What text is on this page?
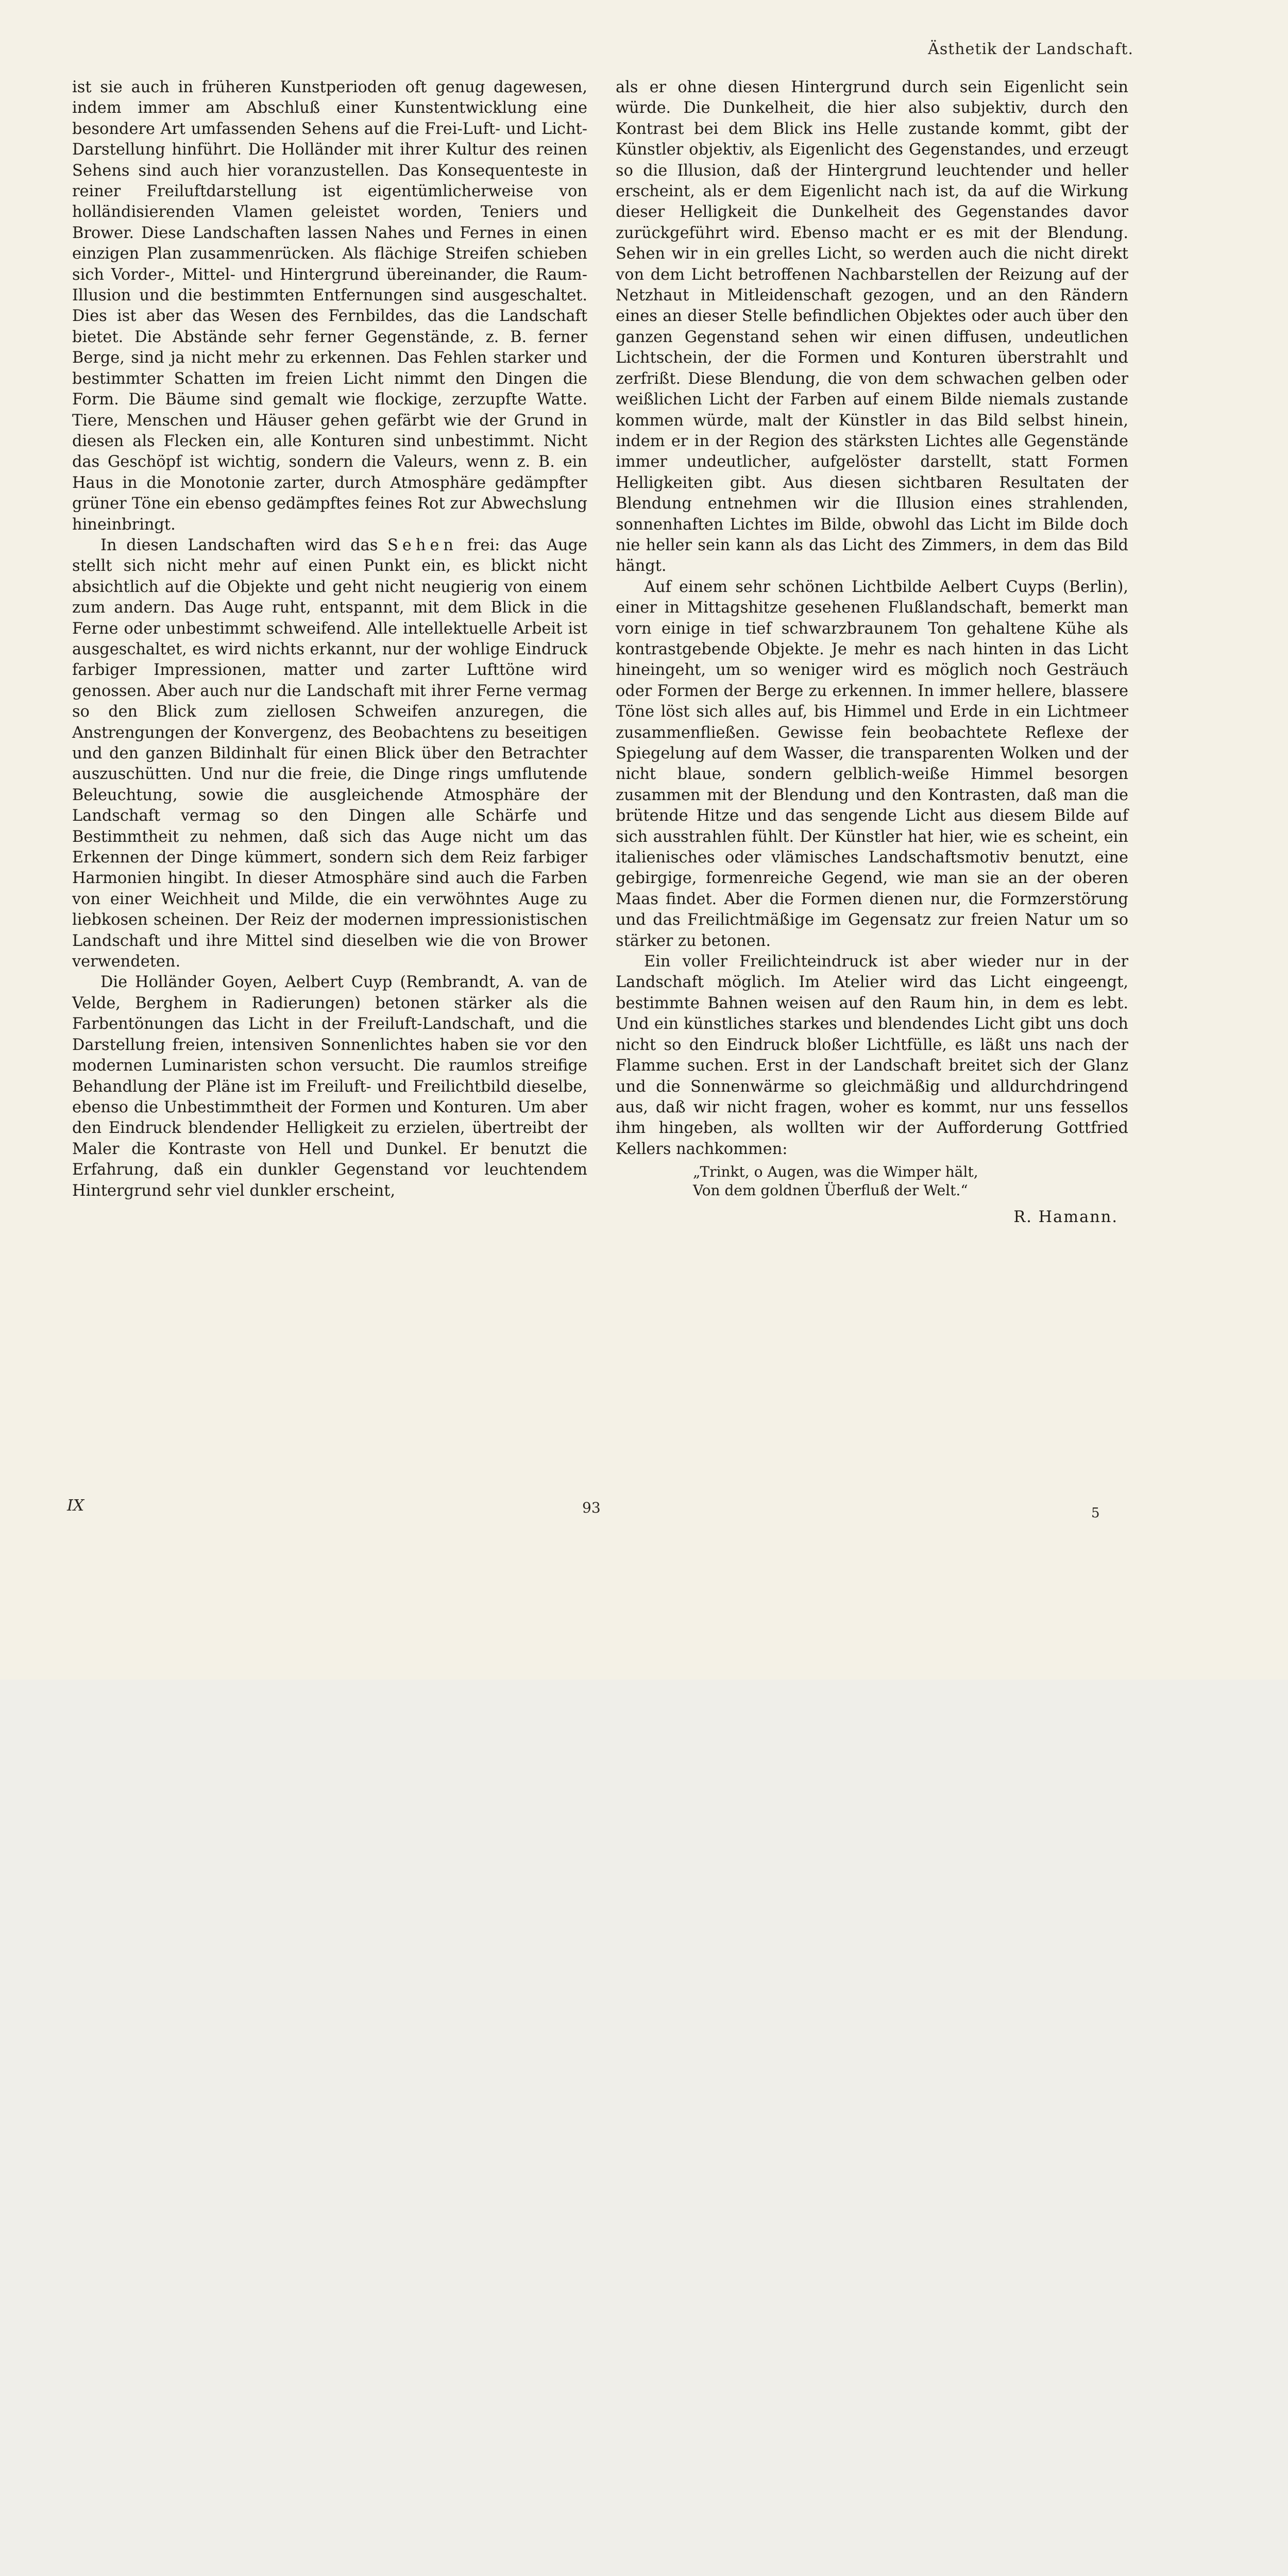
Ästhetik der Landschaft.

ist sie auch in früheren Kunstperioden oft genug dagewesen, indem immer am Abschluß einer Kunstentwicklung eine besondere Art umfassenden Sehens auf die Frei-Luft- und Licht-Darstellung hinführt. Die Holländer mit ihrer Kultur des reinen Sehens sind auch hier voranzustellen. Das Konsequenteste in reiner Freiluftdarstellung ist eigentümlicherweise von holländisierenden Vlamen geleistet worden, Teniers und Brower. Diese Landschaften lassen Nahes und Fernes in einen einzigen Plan zusammenrücken. Als flächige Streifen schieben sich Vorder-, Mittel- und Hintergrund übereinander, die Raum-Illusion und die bestimmten Entfernungen sind ausgeschaltet. Dies ist aber das Wesen des Fernbildes, das die Landschaft bietet. Die Abstände sehr ferner Gegenstände, z. B. ferner Berge, sind ja nicht mehr zu erkennen. Das Fehlen starker und bestimmter Schatten im freien Licht nimmt den Dingen die Form. Die Bäume sind gemalt wie flockige, zerzupfte Watte. Tiere, Menschen und Häuser gehen gefärbt wie der Grund in diesen als Flecken ein, alle Konturen sind unbestimmt. Nicht das Geschöpf ist wichtig, sondern die Valeurs, wenn z. B. ein Haus in die Monotonie zarter, durch Atmosphäre gedämpfter grüner Töne ein ebenso gedämpftes feines Rot zur Abwechslung hineinbringt.

In diesen Landschaften wird das Sehen frei: das Auge stellt sich nicht mehr auf einen Punkt ein, es blickt nicht absichtlich auf die Objekte und geht nicht neugierig von einem zum andern. Das Auge ruht, entspannt, mit dem Blick in die Ferne oder unbestimmt schweifend. Alle intellektuelle Arbeit ist ausgeschaltet, es wird nichts erkannt, nur der wohlige Eindruck farbiger Impressionen, matter und zarter Lufttöne wird genossen. Aber auch nur die Landschaft mit ihrer Ferne vermag so den Blick zum ziellosen Schweifen anzuregen, die Anstrengungen der Konvergenz, des Beobachtens zu beseitigen und den ganzen Bildinhalt für einen Blick über den Betrachter auszuschütten. Und nur die freie, die Dinge rings umflutende Beleuchtung, sowie die ausgleichende Atmosphäre der Landschaft vermag so den Dingen alle Schärfe und Bestimmtheit zu nehmen, daß sich das Auge nicht um das Erkennen der Dinge kümmert, sondern sich dem Reiz farbiger Harmonien hingibt. In dieser Atmosphäre sind auch die Farben von einer Weichheit und Milde, die ein verwöhntes Auge zu liebkosen scheinen. Der Reiz der modernen impressionistischen Landschaft und ihre Mittel sind dieselben wie die von Brower verwendeten.

Die Holländer Goyen, Aelbert Cuyp (Rembrandt, A. van de Velde, Berghem in Radierungen) betonen stärker als die Farbentönungen das Licht in der Freiluft-Landschaft, und die Darstellung freien, intensiven Sonnenlichtes haben sie vor den modernen Luminaristen schon versucht. Die raumlos streifige Behandlung der Pläne ist im Freiluft- und Freilichtbild dieselbe, ebenso die Unbestimmtheit der Formen und Konturen. Um aber den Eindruck blendender Helligkeit zu erzielen, übertreibt der Maler die Kontraste von Hell und Dunkel. Er benutzt die Erfahrung, daß ein dunkler Gegenstand vor leuchtendem Hintergrund sehr viel dunkler erscheint,

als er ohne diesen Hintergrund durch sein Eigenlicht sein würde. Die Dunkelheit, die hier also subjektiv, durch den Kontrast bei dem Blick ins Helle zustande kommt, gibt der Künstler objektiv, als Eigenlicht des Gegenstandes, und erzeugt so die Illusion, daß der Hintergrund leuchtender und heller erscheint, als er dem Eigenlicht nach ist, da auf die Wirkung dieser Helligkeit die Dunkelheit des Gegenstandes davor zurückgeführt wird. Ebenso macht er es mit der Blendung. Sehen wir in ein grelles Licht, so werden auch die nicht direkt von dem Licht betroffenen Nachbarstellen der Reizung auf der Netzhaut in Mitleidenschaft gezogen, und an den Rändern eines an dieser Stelle befindlichen Objektes oder auch über den ganzen Gegenstand sehen wir einen diffusen, undeutlichen Lichtschein, der die Formen und Konturen überstrahlt und zerfrißt. Diese Blendung, die von dem schwachen gelben oder weißlichen Licht der Farben auf einem Bilde niemals zustande kommen würde, malt der Künstler in das Bild selbst hinein, indem er in der Region des stärksten Lichtes alle Gegenstände immer undeutlicher, aufgelöster darstellt, statt Formen Helligkeiten gibt. Aus diesen sichtbaren Resultaten der Blendung entnehmen wir die Illusion eines strahlenden, sonnenhaften Lichtes im Bilde, obwohl das Licht im Bilde doch nie heller sein kann als das Licht des Zimmers, in dem das Bild hängt.

Auf einem sehr schönen Lichtbilde Aelbert Cuyps (Berlin), einer in Mittagshitze gesehenen Flußlandschaft, bemerkt man vorn einige in tief schwarzbraunem Ton gehaltene Kühe als kontrastgebende Objekte. Je mehr es nach hinten in das Licht hineingeht, um so weniger wird es möglich noch Gesträuch oder Formen der Berge zu erkennen. In immer hellere, blassere Töne löst sich alles auf, bis Himmel und Erde in ein Lichtmeer zusammenfließen. Gewisse fein beobachtete Reflexe der Spiegelung auf dem Wasser, die transparenten Wolken und der nicht blaue, sondern gelblich-weiße Himmel besorgen zusammen mit der Blendung und den Kontrasten, daß man die brütende Hitze und das sengende Licht aus diesem Bilde auf sich ausstrahlen fühlt. Der Künstler hat hier, wie es scheint, ein italienisches oder vlämisches Landschaftsmotiv benutzt, eine gebirgige, formenreiche Gegend, wie man sie an der oberen Maas findet. Aber die Formen dienen nur, die Formzerstörung und das Freilichtmäßige im Gegensatz zur freien Natur um so stärker zu betonen.

Ein voller Freilichteindruck ist aber wieder nur in der Landschaft möglich. Im Atelier wird das Licht eingeengt, bestimmte Bahnen weisen auf den Raum hin, in dem es lebt. Und ein künstliches starkes und blendendes Licht gibt uns doch nicht so den Eindruck bloßer Lichtfülle, es läßt uns nach der Flamme suchen. Erst in der Landschaft breitet sich der Glanz und die Sonnenwärme so gleichmäßig und alldurchdringend aus, daß wir nicht fragen, woher es kommt, nur uns fessellos ihm hingeben, als wollten wir der Aufforderung Gottfried Kellers nachkommen:

„Trinkt, o Augen, was die Wimper hält,
Von dem goldnen Überfluß der Welt.“
R. Hamann.
IX	93	5
